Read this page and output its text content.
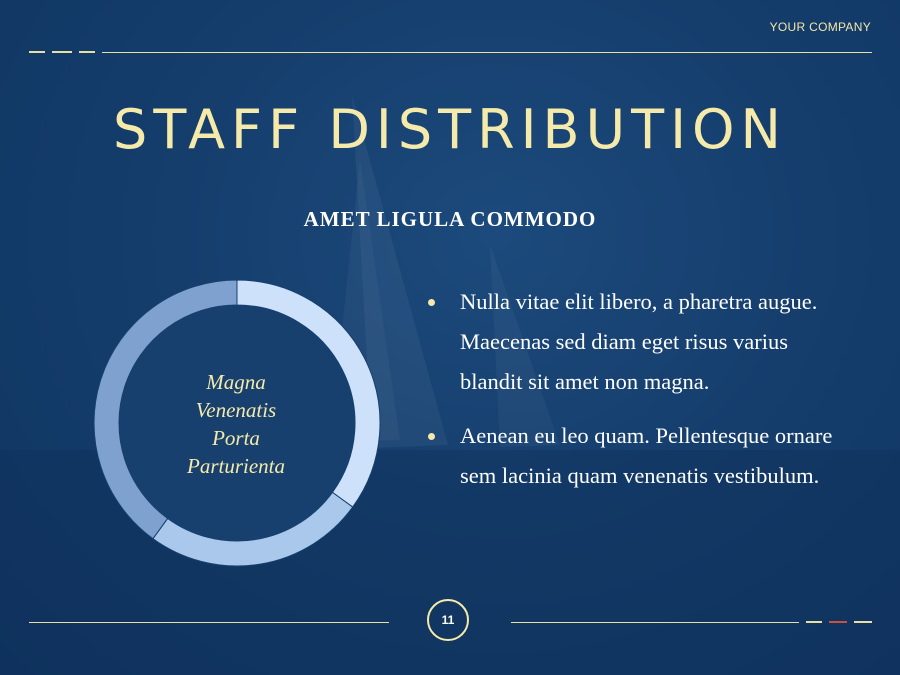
YOUR COMPANY
STAFF DISTRIBUTION
AMET LIGULA COMMODO
Magna
Venenatis
Porta
Parturienta
Nulla vitae elit libero, a pharetra augue. Maecenas sed diam eget risus varius blandit sit amet non magna.
Aenean eu leo quam. Pellentesque ornare sem lacinia quam venenatis vestibulum.
11
